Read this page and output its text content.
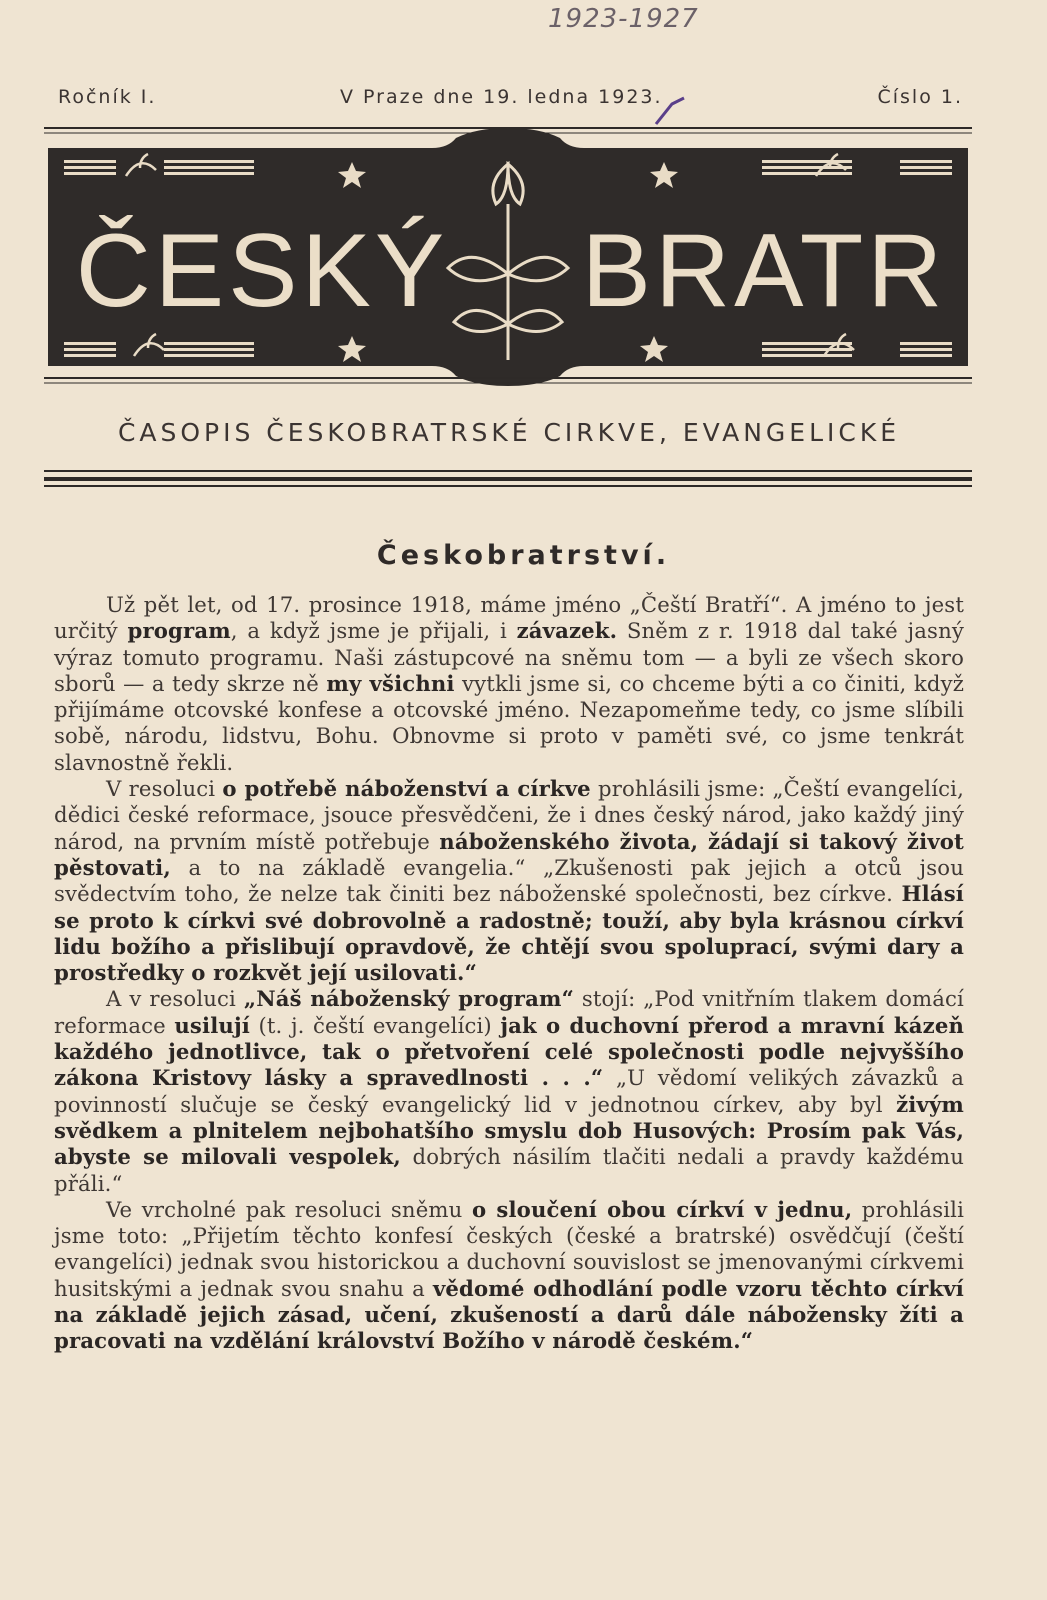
1923-1927
Ročník I.	V Praze dne 19. ledna 1923.	Číslo 1.
ČESKÝ BRATR
ČASOPIS ČESKOBRATRSKÉ CIRKVE, EVANGELICKÉ
Českobratrství.

Už pět let, od 17. prosince 1918, máme jméno „Čeští Bratří“. A jméno to jest určitý program, a když jsme je přijali, i závazek. Sněm z r. 1918 dal také jasný výraz tomuto programu. Naši zástupcové na sněmu tom — a byli ze všech skoro sborů — a tedy skrze ně my všichni vytkli jsme si, co chceme býti a co činiti, když přijímáme otcovské konfese a otcovské jméno. Nezapomeňme tedy, co jsme slíbili sobě, národu, lidstvu, Bohu. Obnovme si proto v paměti své, co jsme tenkrát slavnostně řekli.

V resoluci o potřebě náboženství a církve prohlásili jsme: „Čeští evangelíci, dědici české reformace, jsouce přesvědčeni, že i dnes český národ, jako každý jiný národ, na prvním místě potřebuje náboženského života, žádají si takový život pěstovati, a to na základě evangelia.“ „Zkušenosti pak jejich a otců jsou svědectvím toho, že nelze tak činiti bez náboženské společnosti, bez církve. Hlásí se proto k církvi své dobrovolně a radostně; touží, aby byla krásnou církví lidu božího a přislibují opravdově, že chtějí svou spoluprací, svými dary a prostředky o rozkvět její usilovati.“

A v resoluci „Náš náboženský program“ stojí: „Pod vnitřním tlakem domácí reformace usilují (t. j. čeští evangelíci) jak o duchovní přerod a mravní kázeň každého jednotlivce, tak o přetvoření celé společnosti podle nejvyššího zákona Kristovy lásky a spravedlnosti . . .“ „U vědomí velikých závazků a povinností slučuje se český evangelický lid v jednotnou církev, aby byl živým svědkem a plnitelem nejbohatšího smyslu dob Husových: Prosím pak Vás, abyste se milovali vespolek, dobrých násilím tlačiti nedali a pravdy každému přáli.“

Ve vrcholné pak resoluci sněmu o sloučení obou církví v jednu, prohlásili jsme toto: „Přijetím těchto konfesí českých (české a bratrské) osvědčují (čeští evangelíci) jednak svou historickou a duchovní souvislost se jmenovanými církvemi husitskými a jednak svou snahu a vědomé odhodlání podle vzoru těchto církví na základě jejich zásad, učení, zkušeností a darů dále nábožensky žíti a pracovati na vzdělání království Božího v národě českém.“
